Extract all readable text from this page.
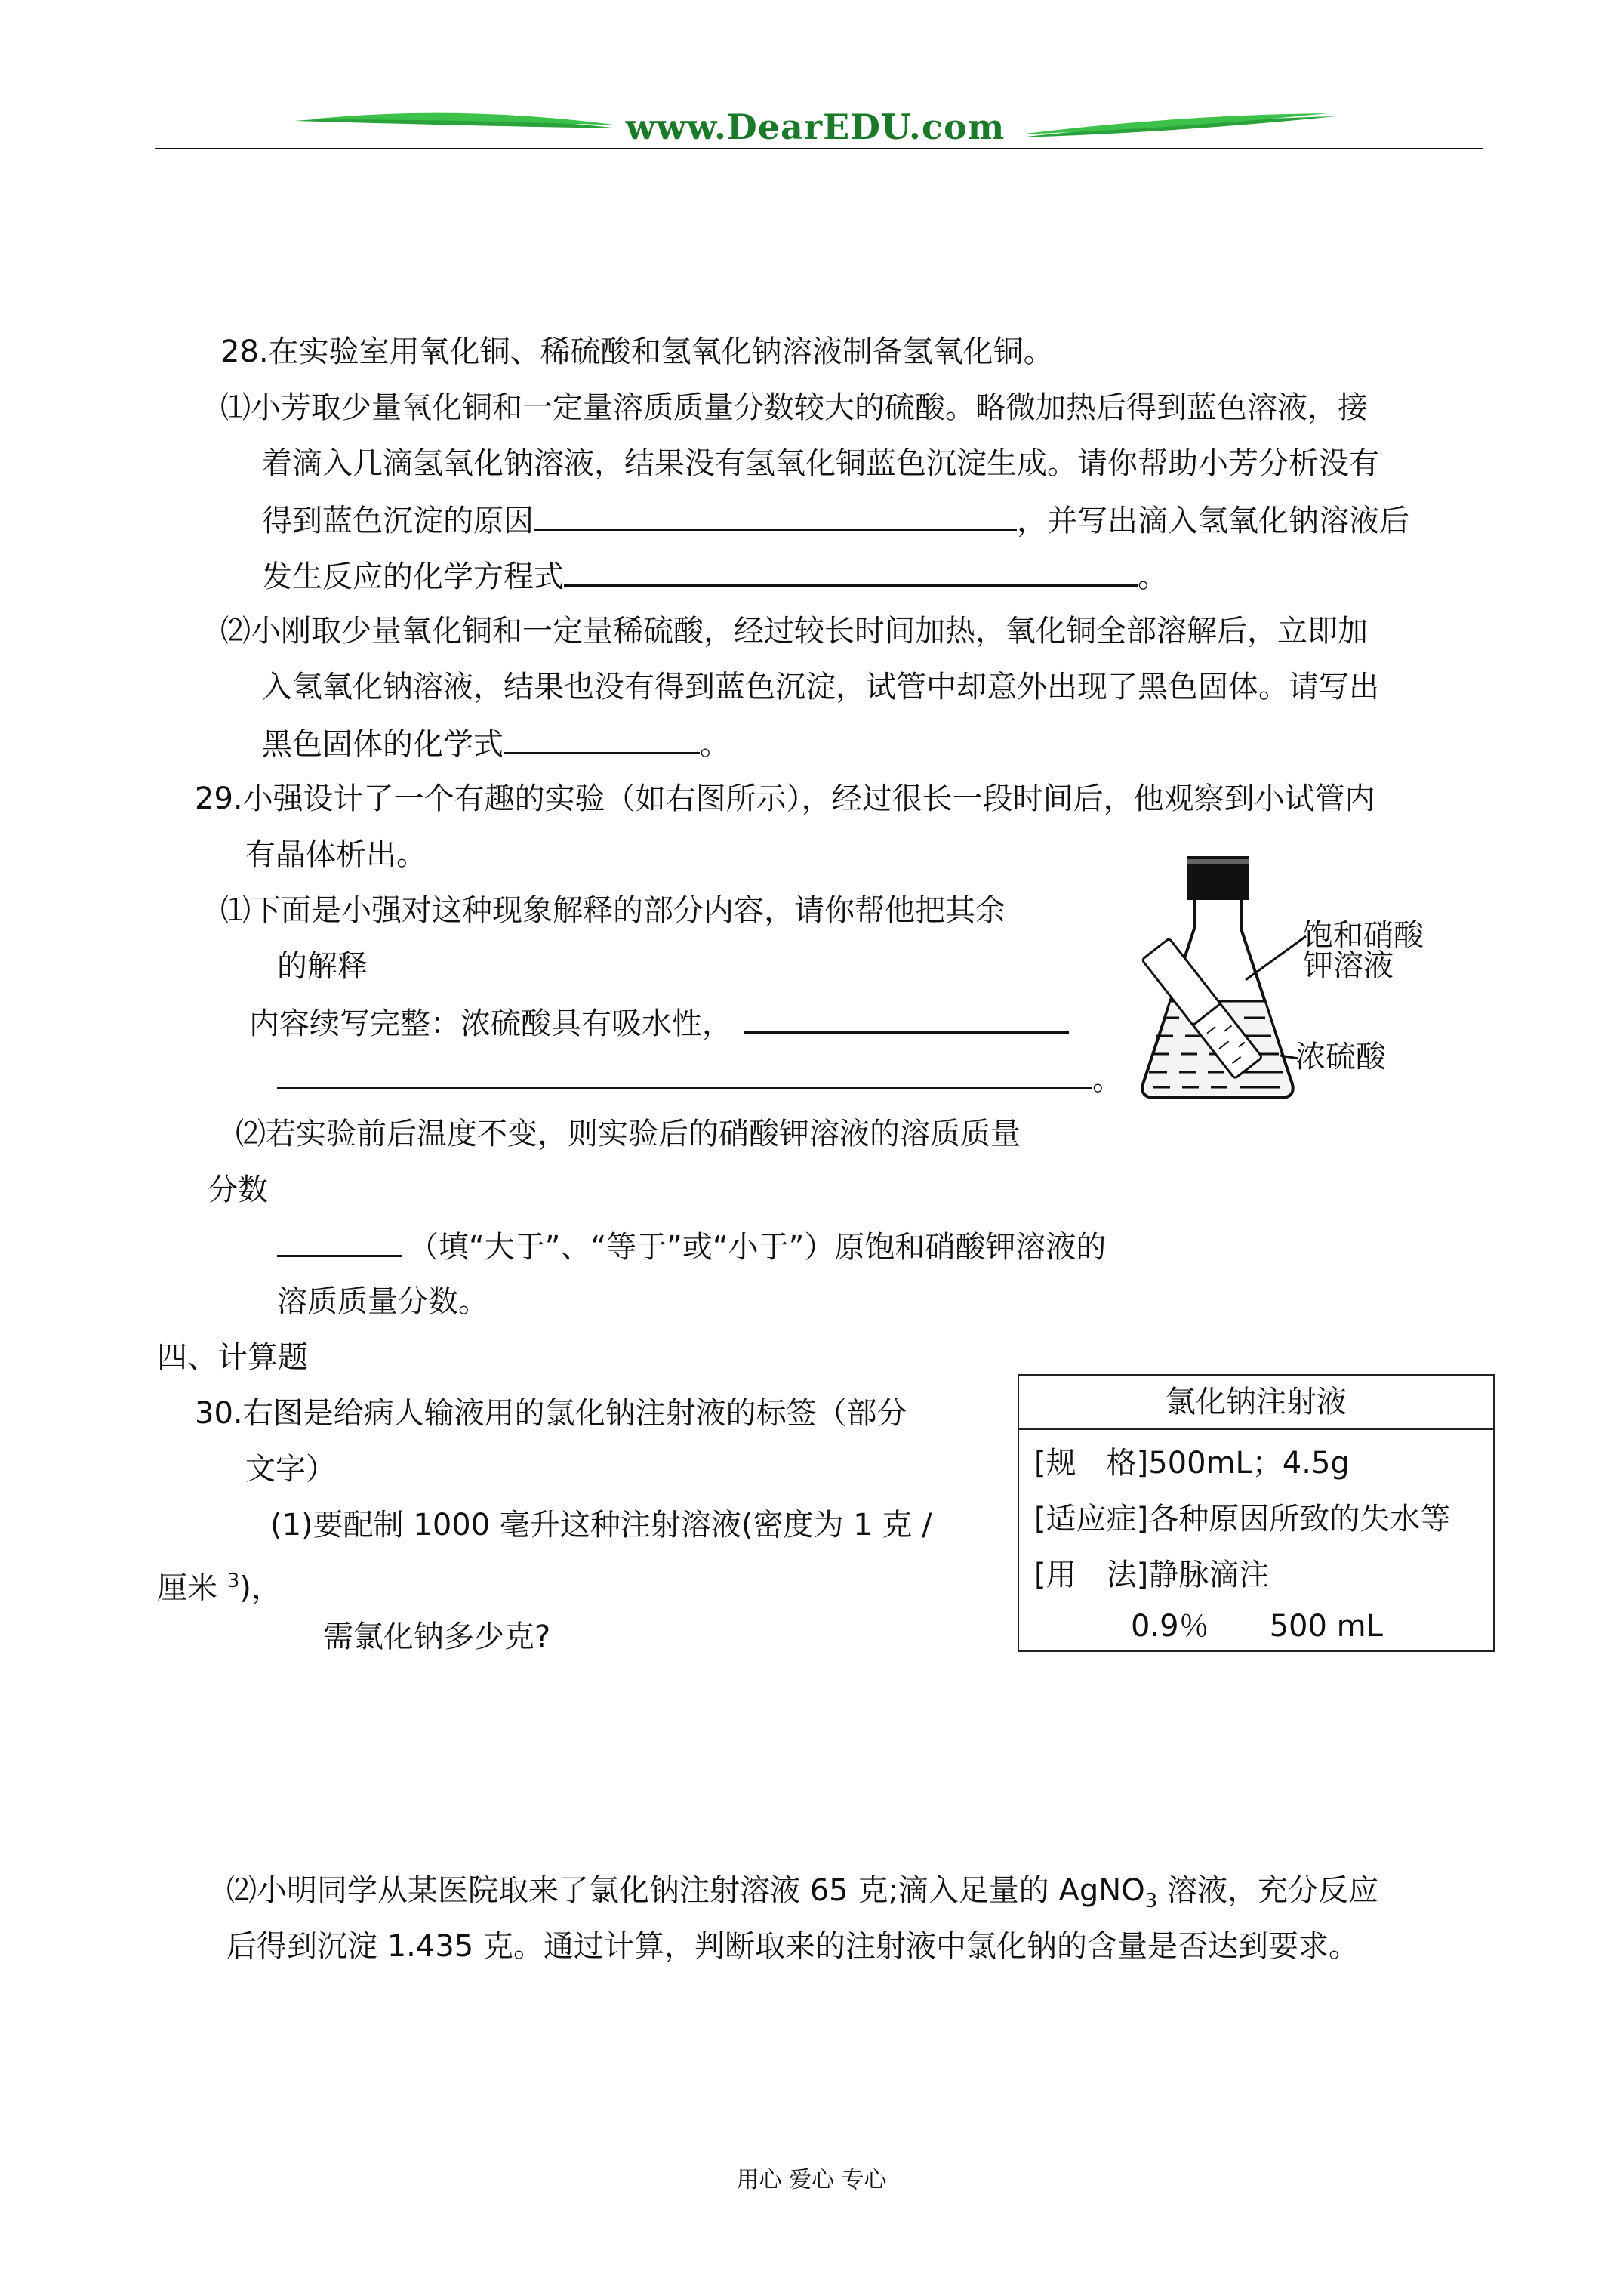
www.DearEDU.com
28.在实验室用氧化铜、稀硫酸和氢氧化钠溶液制备氢氧化铜。
⑴小芳取少量氧化铜和一定量溶质质量分数较大的硫酸。略微加热后得到蓝色溶液，接
着滴入几滴氢氧化钠溶液，结果没有氢氧化铜蓝色沉淀生成。请你帮助小芳分析没有
得到蓝色沉淀的原因	，并写出滴入氢氧化钠溶液后
发生反应的化学方程式	。
⑵小刚取少量氧化铜和一定量稀硫酸，经过较长时间加热，氧化铜全部溶解后，立即加
入氢氧化钠溶液，结果也没有得到蓝色沉淀，试管中却意外出现了黑色固体。请写出
黑色固体的化学式	。
29.小强设计了一个有趣的实验（如右图所示），经过很长一段时间后，他观察到小试管内
有晶体析出。
⑴下面是小强对这种现象解释的部分内容，请你帮他把其余
的解释
内容续写完整：浓硫酸具有吸水性，
。
⑵若实验前后温度不变，则实验后的硝酸钾溶液的溶质质量
分数
（填“大于”、“等于”或“小于”）原饱和硝酸钾溶液的
溶质质量分数。
饱和硝酸
钾溶液
浓硫酸
四、计算题
30.右图是给病人输液用的氯化钠注射液的标签（部分
文字）
(1)要配制 1000 毫升这种注射溶液(密度为 1 克 /
厘米 $^3$)，
需氯化钠多少克?
氯化钠注射液
[规　格]500mL；4.5g
[适应症]各种原因所致的失水等
[用　法]静脉滴注
0.9％　　500 mL
⑵小明同学从某医院取来了氯化钠注射溶液 65 克;滴入足量的 AgNO$_3$ 溶液，充分反应
后得到沉淀 1.435 克。通过计算，判断取来的注射液中氯化钠的含量是否达到要求。
用心 爱心 专心
